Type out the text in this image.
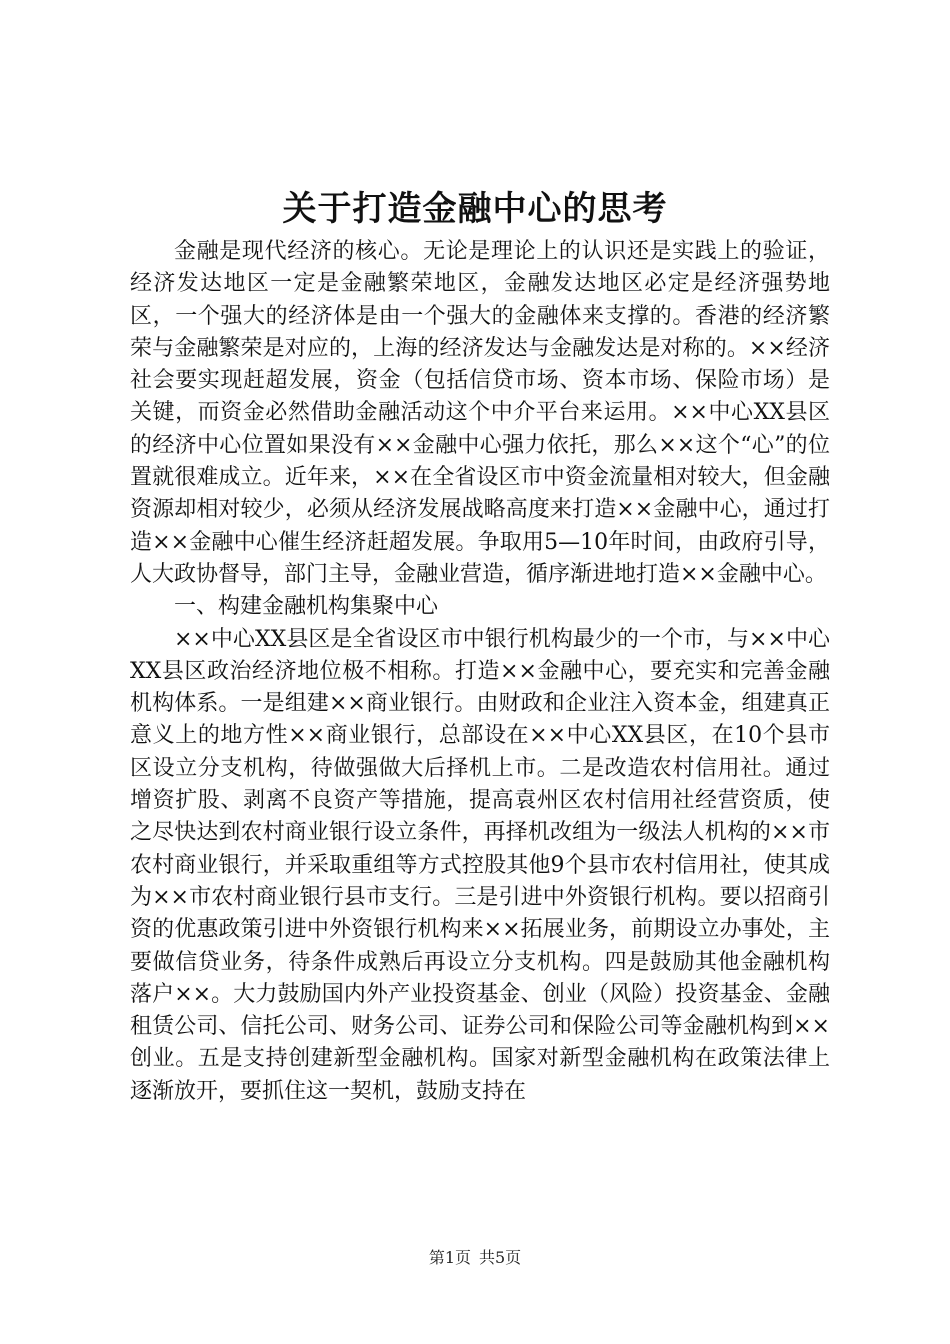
关于打造金融中心的思考

金融是现代经济的核心。无论是理论上的认识还是实践上的验证，经济发达地区一定是金融繁荣地区，金融发达地区必定是经济强势地区，一个强大的经济体是由一个强大的金融体来支撑的。香港的经济繁荣与金融繁荣是对应的，上海的经济发达与金融发达是对称的。××经济社会要实现赶超发展，资金（包括信贷市场、资本市场、保险市场）是关键，而资金必然借助金融活动这个中介平台来运用。××中心XX县区的经济中心位置如果没有××金融中心强力依托，那么××这个“心”的位置就很难成立。近年来，××在全省设区市中资金流量相对较大，但金融资源却相对较少，必须从经济发展战略高度来打造××金融中心，通过打造××金融中心催生经济赶超发展。争取用5—10年时间，由政府引导，人大政协督导，部门主导，金融业营造，循序渐进地打造××金融中心。

一、构建金融机构集聚中心

××中心XX县区是全省设区市中银行机构最少的一个市，与××中心XX县区政治经济地位极不相称。打造××金融中心，要充实和完善金融机构体系。一是组建××商业银行。由财政和企业注入资本金，组建真正意义上的地方性××商业银行，总部设在××中心XX县区，在10个县市区设立分支机构，待做强做大后择机上市。二是改造农村信用社。通过增资扩股、剥离不良资产等措施，提高袁州区农村信用社经营资质，使之尽快达到农村商业银行设立条件，再择机改组为一级法人机构的××市农村商业银行，并采取重组等方式控股其他9个县市农村信用社，使其成为××市农村商业银行县市支行。三是引进中外资银行机构。要以招商引资的优惠政策引进中外资银行机构来××拓展业务，前期设立办事处，主要做信贷业务，待条件成熟后再设立分支机构。四是鼓励其他金融机构落户××。大力鼓励国内外产业投资基金、创业（风险）投资基金、金融租赁公司、信托公司、财务公司、证券公司和保险公司等金融机构到××创业。五是支持创建新型金融机构。国家对新型金融机构在政策法律上逐渐放开，要抓住这一契机，鼓励支持在

第1页 共5页
